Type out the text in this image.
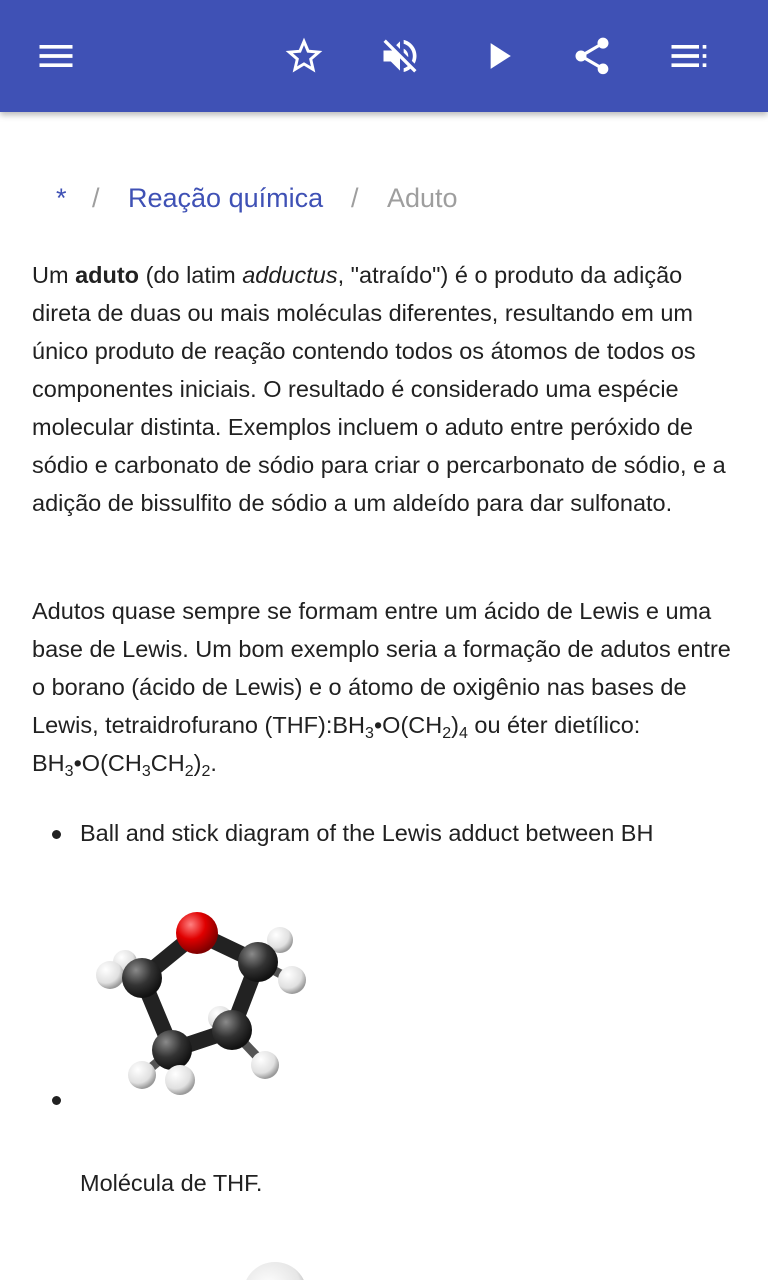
* / Reação química / Aduto

Um aduto (do latim adductus, "atraído") é o produto da adição direta de duas ou mais moléculas diferentes, resultando em um único produto de reação contendo todos os átomos de todos os componentes iniciais. O resultado é considerado uma espécie molecular distinta. Exemplos incluem o aduto entre peróxido de sódio e carbonato de sódio para criar o percarbonato de sódio, e a adição de bissulfito de sódio a um aldeído para dar sulfonato.

Adutos quase sempre se formam entre um ácido de Lewis e uma base de Lewis. Um bom exemplo seria a formação de adutos entre o borano (ácido de Lewis) e o átomo de oxigênio nas bases de Lewis, tetraidrofurano $(THF):BH_3•O(CH_2)_4$ ou éter dietílico: $BH_3•O(CH_3CH_2)_2$.

Ball and stick diagram of the Lewis adduct between BH
Molécula de THF.
